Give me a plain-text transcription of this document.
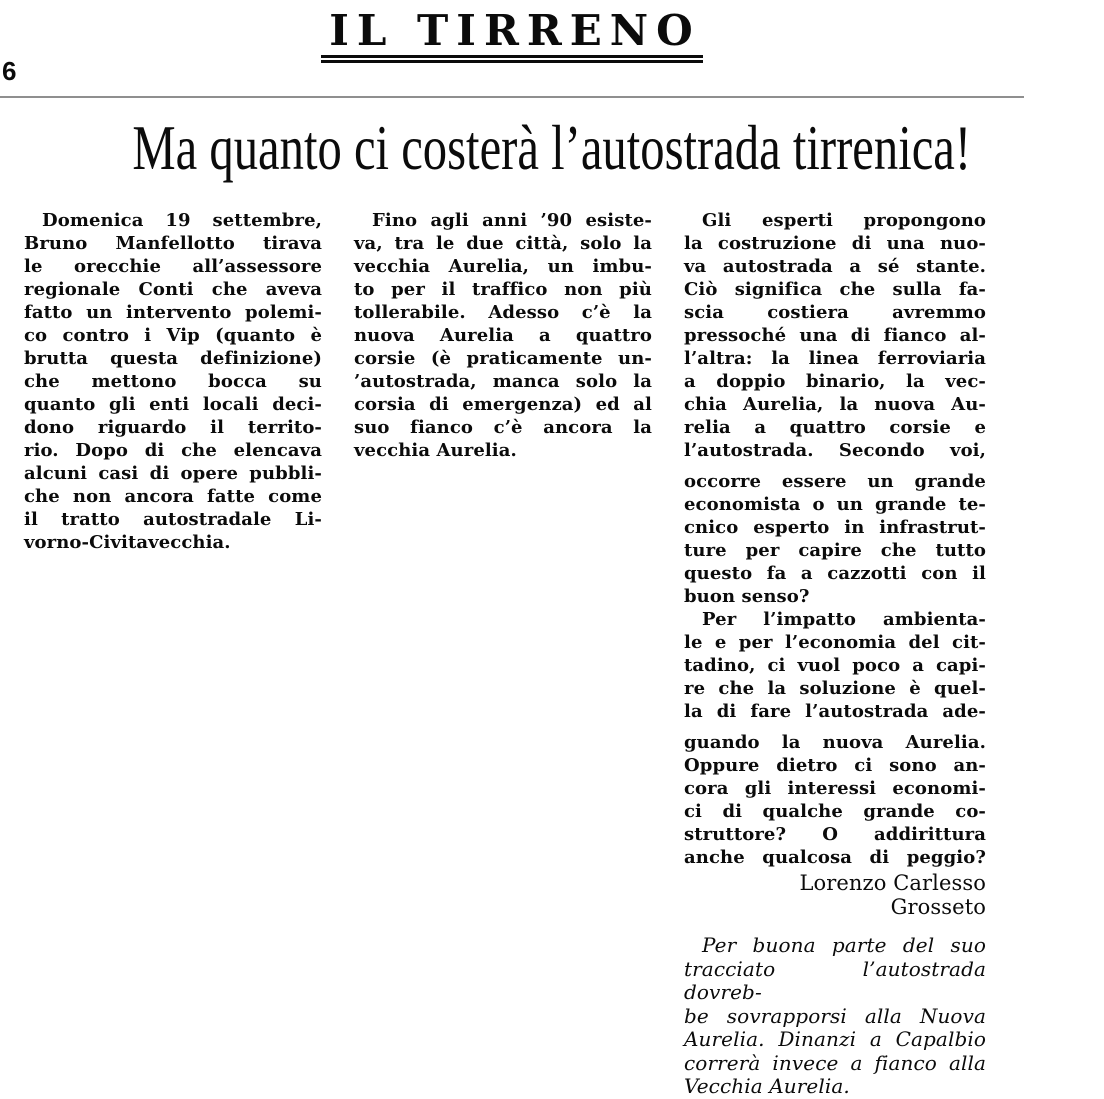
IL TIRRENO
6
Ma quanto ci costerà l’autostrada tirrenica!
Domenica 19 settembre,
Bruno Manfellotto tirava
le orecchie all’assessore
regionale Conti che aveva
fatto un intervento polemi-
co contro i Vip (quanto è
brutta questa definizione)
che mettono bocca su
quanto gli enti locali deci-
dono riguardo il territo-
rio. Dopo di che elencava
alcuni casi di opere pubbli-
che non ancora fatte come
il tratto autostradale Li-
vorno-Civitavecchia.
Fino agli anni ’90 esiste-
va, tra le due città, solo la
vecchia Aurelia, un imbu-
to per il traffico non più
tollerabile. Adesso c’è la
nuova Aurelia a quattro
corsie (è praticamente un-
’autostrada, manca solo la
corsia di emergenza) ed al
suo fianco c’è ancora la
vecchia Aurelia.
Gli esperti propongono
la costruzione di una nuo-
va autostrada a sé stante.
Ciò significa che sulla fa-
scia costiera avremmo
pressoché una di fianco al-
l’altra: la linea ferroviaria
a doppio binario, la vec-
chia Aurelia, la nuova Au-
relia a quattro corsie e
l’autostrada. Secondo voi,
occorre essere un grande
economista o un grande te-
cnico esperto in infrastrut-
ture per capire che tutto
questo fa a cazzotti con il
buon senso?
Per l’impatto ambienta-
le e per l’economia del cit-
tadino, ci vuol poco a capi-
re che la soluzione è quel-
la di fare l’autostrada ade-
guando la nuova Aurelia.
Oppure dietro ci sono an-
cora gli interessi economi-
ci di qualche grande co-
struttore? O addirittura
anche qualcosa di peggio?
Lorenzo Carlesso
Grosseto
Per buona parte del suo
tracciato l’autostrada dovreb-
be sovrapporsi alla Nuova
Aurelia. Dinanzi a Capalbio
correrà invece a fianco alla
Vecchia Aurelia.
